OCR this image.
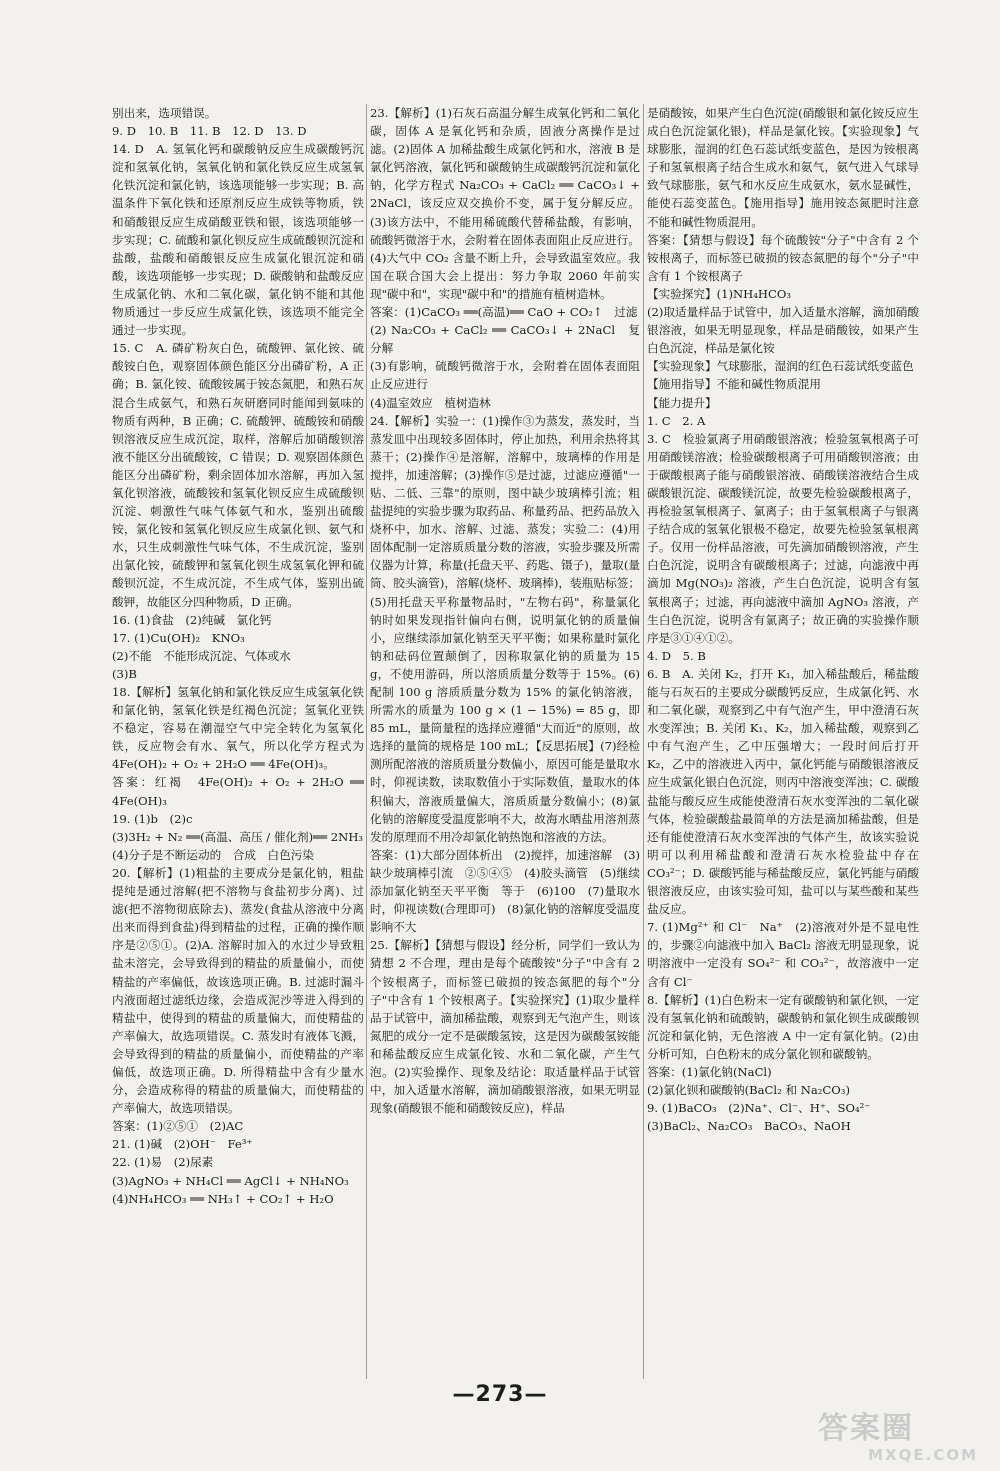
别出来，选项错误。

9. D　10. B　11. B　12. D　13. D

14. D　A. 氢氧化钙和碳酸钠反应生成碳酸钙沉淀和氢氧化钠，氢氧化钠和氯化铁反应生成氢氧化铁沉淀和氯化钠，该选项能够一步实现；B. 高温条件下氧化铁和还原剂反应生成铁等物质，铁和硝酸银反应生成硝酸亚铁和银，该选项能够一步实现；C. 硫酸和氯化钡反应生成硫酸钡沉淀和盐酸，盐酸和硝酸银反应生成氯化银沉淀和硝酸，该选项能够一步实现；D. 碳酸钠和盐酸反应生成氯化钠、水和二氧化碳，氯化钠不能和其他物质通过一步反应生成氯化铁，该选项不能完全通过一步实现。

15. C　A. 磷矿粉灰白色，硫酸钾、氯化铵、硫酸铵白色，观察固体颜色能区分出磷矿粉，A 正确；B. 氯化铵、硫酸铵属于铵态氮肥，和熟石灰混合生成氨气，和熟石灰研磨同时能闻到氨味的物质有两种，B 正确；C. 硫酸钾、硫酸铵和硝酸钡溶液反应生成沉淀，取样，溶解后加硝酸钡溶液不能区分出硫酸铵，C 错误；D. 观察固体颜色能区分出磷矿粉，剩余固体加水溶解，再加入氢氧化钡溶液，硫酸铵和氢氧化钡反应生成硫酸钡沉淀、刺激性气味气体氨气和水，鉴别出硫酸铵，氯化铵和氢氧化钡反应生成氯化钡、氨气和水，只生成刺激性气味气体，不生成沉淀，鉴别出氯化铵，硫酸钾和氢氧化钡生成氢氧化钾和硫酸钡沉淀，不生成沉淀，不生成气体，鉴别出硫酸钾，故能区分四种物质，D 正确。

16. (1)食盐　(2)纯碱　氯化钙

17. (1)Cu(OH)₂　KNO₃

(2)不能　不能形成沉淀、气体或水

(3)B

18.【解析】氢氧化钠和氯化铁反应生成氢氧化铁和氯化钠，氢氧化铁是红褐色沉淀；氢氧化亚铁不稳定，容易在潮湿空气中完全转化为氢氧化铁，反应物会有水、氧气，所以化学方程式为 4Fe(OH)₂ + O₂ + 2H₂O ══ 4Fe(OH)₃。

答案：红褐　4Fe(OH)₂ + O₂ + 2H₂O ══ 4Fe(OH)₃

19. (1)b　(2)c

(3)3H₂ + N₂ ══(高温、高压 / 催化剂)══ 2NH₃

(4)分子是不断运动的　合成　白色污染

20.【解析】(1)粗盐的主要成分是氯化钠，粗盐提纯是通过溶解(把不溶物与食盐初步分离)、过滤(把不溶物彻底除去)、蒸发(食盐从溶液中分离出来而得到食盐)得到精盐的过程，正确的操作顺序是②⑤①。(2)A. 溶解时加入的水过少导致粗盐未溶完，会导致得到的精盐的质量偏小，而使精盐的产率偏低，故该选项正确。B. 过滤时漏斗内液面超过滤纸边缘，会造成泥沙等进入得到的精盐中，使得到的精盐的质量偏大，而使精盐的产率偏大，故选项错误。C. 蒸发时有液体飞溅，会导致得到的精盐的质量偏小，而使精盐的产率偏低，故选项正确。D. 所得精盐中含有少量水分，会造成称得的精盐的质量偏大，而使精盐的产率偏大，故选项错误。

答案：(1)②⑤①　(2)AC

21. (1)碱　(2)OH⁻　Fe³⁺

22. (1)易　(2)尿素

(3)AgNO₃ + NH₄Cl ══ AgCl↓ + NH₄NO₃

(4)NH₄HCO₃ ══ NH₃↑ + CO₂↑ + H₂O

23.【解析】(1)石灰石高温分解生成氧化钙和二氧化碳，固体 A 是氧化钙和杂质，固液分离操作是过滤。(2)固体 A 加稀盐酸生成氯化钙和水，溶液 B 是氯化钙溶液，氯化钙和碳酸钠生成碳酸钙沉淀和氯化钠，化学方程式 Na₂CO₃ + CaCl₂ ══ CaCO₃↓ + 2NaCl，该反应双交换价不变，属于复分解反应。(3)该方法中，不能用稀硫酸代替稀盐酸，有影响，硫酸钙微溶于水，会附着在固体表面阻止反应进行。(4)大气中 CO₂ 含量不断上升，会导致温室效应。我国在联合国大会上提出：努力争取 2060 年前实现"碳中和"，实现"碳中和"的措施有植树造林。

答案：(1)CaCO₃ ══(高温)══ CaO + CO₂↑　过滤

(2) Na₂CO₃ + CaCl₂ ══ CaCO₃↓ + 2NaCl　复分解

(3)有影响，硫酸钙微溶于水，会附着在固体表面阻止反应进行

(4)温室效应　植树造林

24.【解析】实验一：(1)操作③为蒸发，蒸发时，当蒸发皿中出现较多固体时，停止加热，利用余热将其蒸干；(2)操作④是溶解，溶解中，玻璃棒的作用是搅拌，加速溶解；(3)操作⑤是过滤，过滤应遵循"一贴、二低、三靠"的原则，图中缺少玻璃棒引流；粗盐提纯的实验步骤为取药品、称量药品、把药品放入烧杯中，加水、溶解、过滤、蒸发；实验二：(4)用固体配制一定溶质质量分数的溶液，实验步骤及所需仪器为计算，称量(托盘天平、药匙、镊子)，量取(量筒、胶头滴管)，溶解(烧杯、玻璃棒)，装瓶贴标签；(5)用托盘天平称量物品时，"左物右码"，称量氯化钠时如果发现指针偏向右侧，说明氯化钠的质量偏小，应继续添加氯化钠至天平平衡；如果称量时氯化钠和砝码位置颠倒了，因称取氯化钠的质量为 15 g，不使用游码，所以溶质质量分数等于 15%。(6)配制 100 g 溶质质量分数为 15% 的氯化钠溶液，所需水的质量为 100 g × (1 − 15%) = 85 g，即 85 mL，量筒量程的选择应遵循"大而近"的原则，故选择的量筒的规格是 100 mL；【反思拓展】(7)经检测所配溶液的溶质质量分数偏小，原因可能是量取水时，仰视读数，读取数值小于实际数值，量取水的体积偏大，溶液质量偏大，溶质质量分数偏小；(8)氯化钠的溶解度受温度影响不大，故海水晒盐用溶剂蒸发的原理而不用冷却氯化钠热饱和溶液的方法。

答案：(1)大部分固体析出　(2)搅拌，加速溶解　(3)缺少玻璃棒引流　②⑤④⑤　(4)胶头滴管　(5)继续添加氯化钠至天平平衡　等于　(6)100　(7)量取水时，仰视读数(合理即可)　(8)氯化钠的溶解度受温度影响不大

25.【解析】【猜想与假设】经分析，同学们一致认为猜想 2 不合理，理由是每个硫酸铵"分子"中含有 2 个铵根离子，而标签已破损的铵态氮肥的每个"分子"中含有 1 个铵根离子。【实验探究】(1)取少量样品于试管中，滴加稀盐酸，观察到无气泡产生，则该氮肥的成分一定不是碳酸氢铵，这是因为碳酸氢铵能和稀盐酸反应生成氯化铵、水和二氧化碳，产生气泡。(2)实验操作、现象及结论：取适量样品于试管中，加入适量水溶解，滴加硝酸银溶液，如果无明显现象(硝酸银不能和硝酸铵反应)，样品

是硝酸铵，如果产生白色沉淀(硝酸银和氯化铵反应生成白色沉淀氯化银)，样品是氯化铵。【实验现象】气球膨胀，湿润的红色石蕊试纸变蓝色，是因为铵根离子和氢氧根离子结合生成水和氨气，氨气进入气球导致气球膨胀，氨气和水反应生成氨水，氨水显碱性，能使石蕊变蓝色。【施用指导】施用铵态氮肥时注意不能和碱性物质混用。

答案：【猜想与假设】每个硫酸铵"分子"中含有 2 个铵根离子，而标签已破损的铵态氮肥的每个"分子"中含有 1 个铵根离子

【实验探究】(1)NH₄HCO₃

(2)取适量样品于试管中，加入适量水溶解，滴加硝酸银溶液，如果无明显现象，样品是硝酸铵，如果产生白色沉淀，样品是氯化铵

【实验现象】气球膨胀，湿润的红色石蕊试纸变蓝色

【施用指导】不能和碱性物质混用

【能力提升】

1. C　2. A

3. C　检验氯离子用硝酸银溶液；检验氢氧根离子可用硝酸镁溶液；检验碳酸根离子可用硝酸钡溶液；由于碳酸根离子能与硝酸银溶液、硝酸镁溶液结合生成碳酸银沉淀、碳酸镁沉淀，故要先检验碳酸根离子，再检验氢氧根离子、氯离子；由于氢氧根离子与银离子结合成的氢氧化银极不稳定，故要先检验氢氧根离子。仅用一份样品溶液，可先滴加硝酸钡溶液，产生白色沉淀，说明含有碳酸根离子；过滤，向滤液中再滴加 Mg(NO₃)₂ 溶液，产生白色沉淀，说明含有氢氧根离子；过滤，再向滤液中滴加 AgNO₃ 溶液，产生白色沉淀，说明含有氯离子；故正确的实验操作顺序是③①④①②。

4. D　5. B

6. B　A. 关闭 K₂，打开 K₁，加入稀盐酸后，稀盐酸能与石灰石的主要成分碳酸钙反应，生成氯化钙、水和二氧化碳，观察到乙中有气泡产生，甲中澄清石灰水变浑浊；B. 关闭 K₁、K₂，加入稀盐酸，观察到乙中有气泡产生，乙中压强增大；一段时间后打开 K₂，乙中的溶液进入丙中，氯化钙能与硝酸银溶液反应生成氯化银白色沉淀，则丙中溶液变浑浊；C. 碳酸盐能与酸反应生成能使澄清石灰水变浑浊的二氧化碳气体，检验碳酸盐最简单的方法是滴加稀盐酸，但是还有能使澄清石灰水变浑浊的气体产生，故该实验说明可以利用稀盐酸和澄清石灰水检验盐中存在 CO₃²⁻；D. 碳酸钙能与稀盐酸反应，氯化钙能与硝酸银溶液反应，由该实验可知，盐可以与某些酸和某些盐反应。

7. (1)Mg²⁺ 和 Cl⁻　Na⁺　(2)溶液对外是不显电性的，步骤②向滤液中加入 BaCl₂ 溶液无明显现象，说明溶液中一定没有 SO₄²⁻ 和 CO₃²⁻，故溶液中一定含有 Cl⁻

8.【解析】(1)白色粉末一定有碳酸钠和氯化钡，一定没有氢氧化钠和硫酸钠，碳酸钠和氯化钡生成碳酸钡沉淀和氯化钠，无色溶液 A 中一定有氯化钠。(2)由分析可知，白色粉末的成分氯化钡和碳酸钠。

答案：(1)氯化钠(NaCl)

(2)氯化钡和碳酸钠(BaCl₂ 和 Na₂CO₃)

9. (1)BaCO₃　(2)Na⁺、Cl⁻、H⁺、SO₄²⁻

(3)BaCl₂、Na₂CO₃　BaCO₃、NaOH

—273—
答案圈
MXQE.COM
